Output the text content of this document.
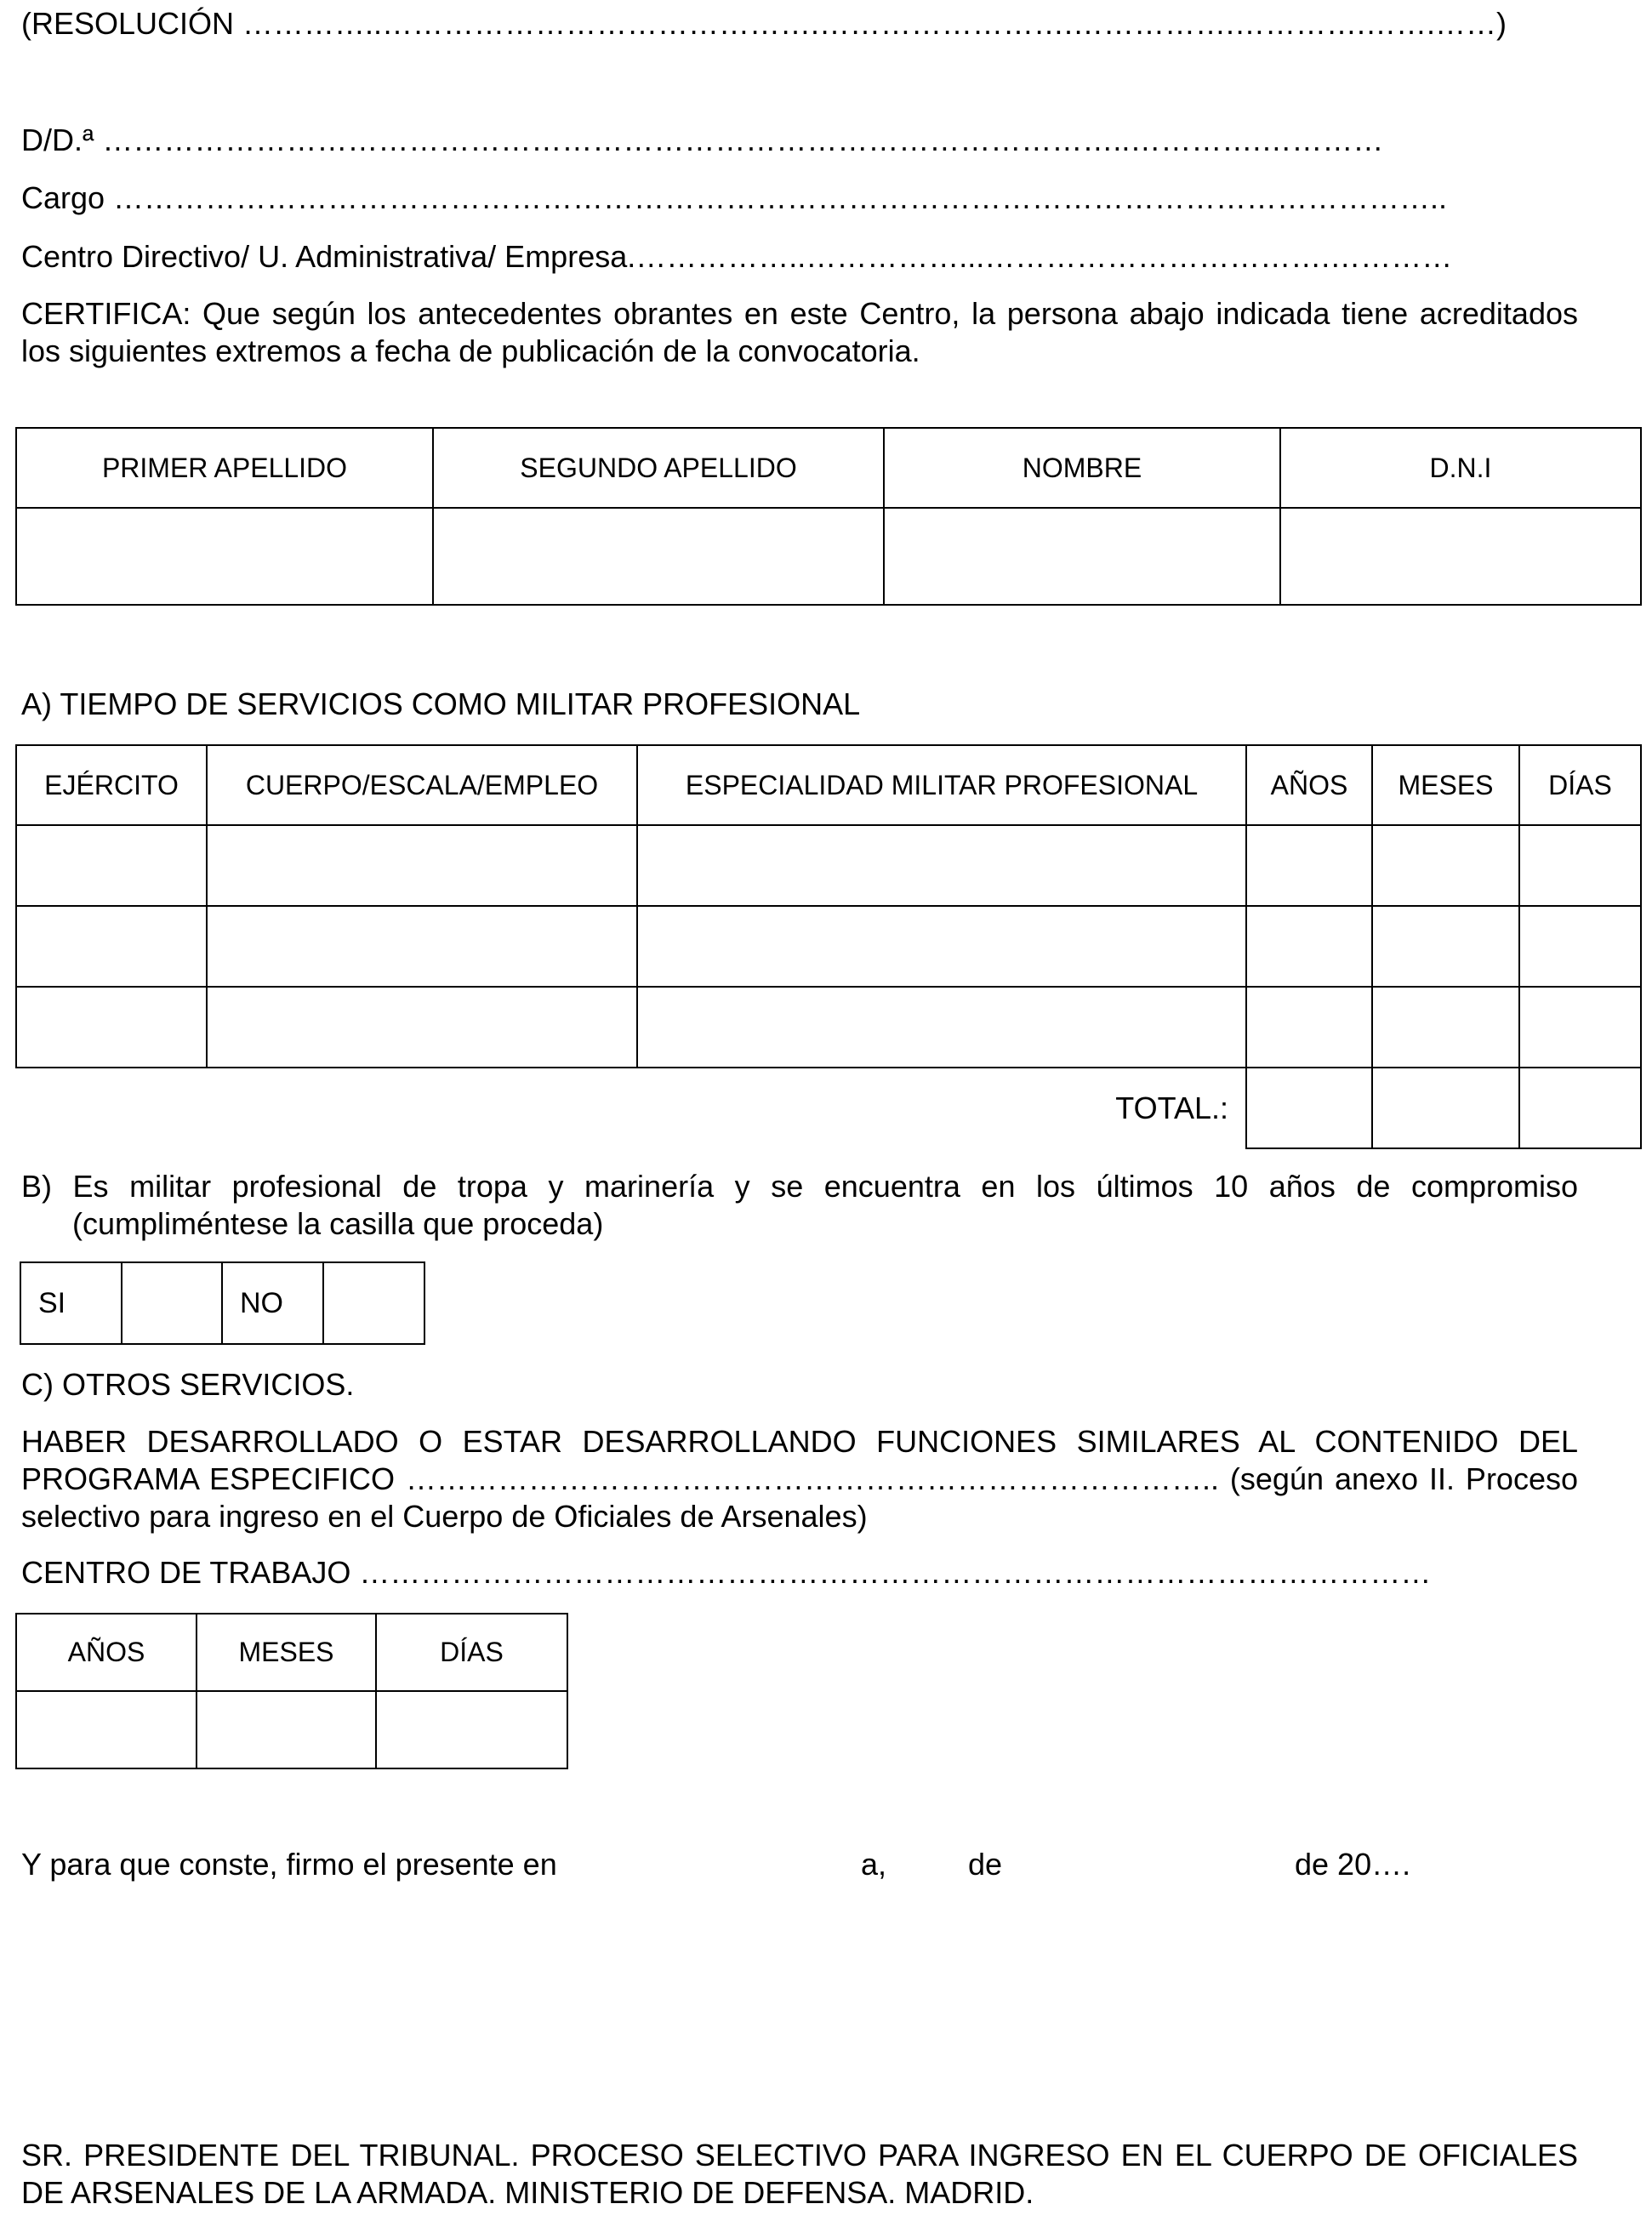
(RESOLUCIÓN …………..…………………………………….…………………….…………….………….…….……)
D/D.ª ………………………………………………………………………………………..………….…………
Cargo …………………………………………………………………………………………………………………..
Centro Directivo/ U. Administrativa/ Empresa.……………..……………...…………………………….…………
CERTIFICA: Que según los antecedentes obrantes en este Centro, la persona abajo indicada tiene acreditados los siguientes extremos a fecha de publicación de la convocatoria.
PRIMER APELLIDO	SEGUNDO APELLIDO	NOMBRE	D.N.I

A) TIEMPO DE SERVICIOS COMO MILITAR PROFESIONAL
EJÉRCITO	CUERPO/ESCALA/EMPLEO	ESPECIALIDAD MILITAR PROFESIONAL	AÑOS	MESES	DÍAS

TOTAL.:					
B) Es militar profesional de tropa y marinería y se encuentra en los últimos 10 años de compromiso (cumpliméntese la casilla que proceda)
SI		NO	
C) OTROS SERVICIOS.
HABER DESARROLLADO O ESTAR DESARROLLANDO FUNCIONES SIMILARES AL CONTENIDO DEL PROGRAMA ESPECIFICO …………………………………………………………………….. (según anexo II. Proceso selectivo para ingreso en el Cuerpo de Oficiales de Arsenales)
CENTRO DE TRABAJO ……………………………………………………………………………………………
AÑOS	MESES	DÍAS

Y para que conste, firmo el presente en	a,	de	de 20….
SR. PRESIDENTE DEL TRIBUNAL. PROCESO SELECTIVO PARA INGRESO EN EL CUERPO DE OFICIALES DE ARSENALES DE LA ARMADA. MINISTERIO DE DEFENSA. MADRID.
